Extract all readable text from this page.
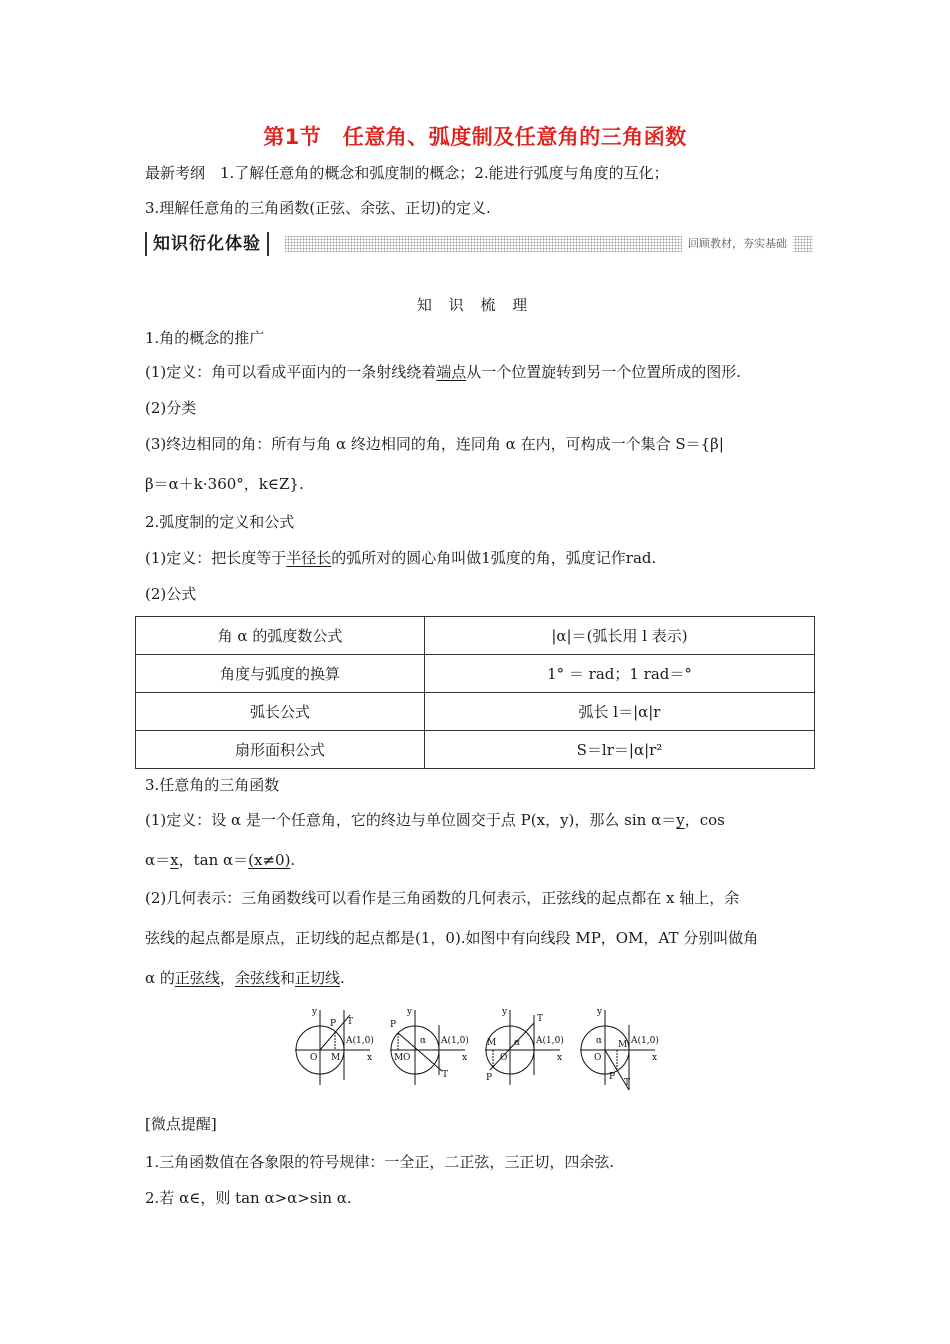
第1节　任意角、弧度制及任意角的三角函数
最新考纲　1.了解任意角的概念和弧度制的概念；2.能进行弧度与角度的互化；
3.理解任意角的三角函数(正弦、余弦、正切)的定义.
知识衍化体验	回顾教材，夯实基础
知 识 梳 理
1.角的概念的推广
(1)定义：角可以看成平面内的一条射线绕着端点从一个位置旋转到另一个位置所成的图形.
(2)分类
(3)终边相同的角：所有与角 α 终边相同的角，连同角 α 在内，可构成一个集合 S＝{β|
β＝α＋k·360°，k∈Z}.
2.弧度制的定义和公式
(1)定义：把长度等于半径长的弧所对的圆心角叫做1弧度的角，弧度记作rad.
(2)公式
角 α 的弧度数公式	|α|＝(弧长用 l 表示)
角度与弧度的换算	1° ＝ rad；1 rad＝°
弧长公式	弧长 l＝|α|r
扇形面积公式	S＝lr＝|α|r²
3.任意角的三角函数
(1)定义：设 α 是一个任意角，它的终边与单位圆交于点 P(x，y)，那么 sin α＝y，cos
α＝x，tan α＝(x≠0).
(2)几何表示：三角函数线可以看作是三角函数的几何表示，正弦线的起点都在 x 轴上，余
弦线的起点都是原点，正切线的起点都是(1，0).如图中有向线段 MP，OM，AT 分别叫做角
α 的正弦线，余弦线和正切线.
y
x
P T
A(1,0)
O M
y
x
P
T
A(1,0)
M O
α
y
x
P
T
A(1,0)
M
O
α
y
x
P
T
A(1,0)
O
M
α
[微点提醒]
1.三角函数值在各象限的符号规律：一全正，二正弦，三正切，四余弦.
2.若 α∈，则 tan α>α>sin α.
